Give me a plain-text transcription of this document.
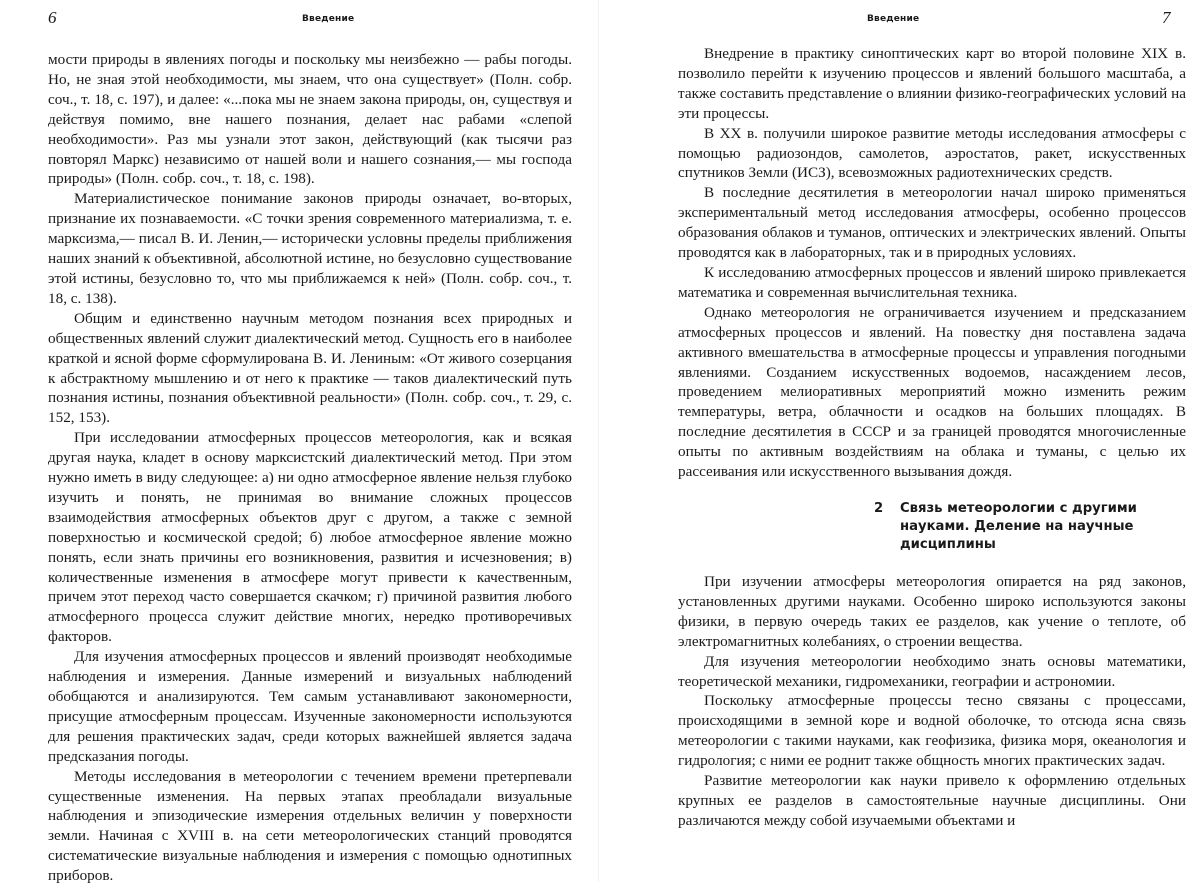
6	Введение

мости природы в явлениях погоды и поскольку мы неизбежно — рабы погоды. Но, не зная этой необходимости, мы знаем, что она существует» (Полн. собр. соч., т. 18, с. 197), и далее: «...пока мы не знаем закона природы, он, существуя и действуя помимо, вне нашего познания, делает нас рабами «слепой необходимости». Раз мы узнали этот закон, действующий (как тысячи раз повторял Маркс) независимо от нашей воли и нашего сознания,— мы господа природы» (Полн. собр. соч., т. 18, с. 198).

Материалистическое понимание законов природы означает, во-вторых, признание их познаваемости. «С точки зрения современного материализма, т. е. марксизма,— писал В. И. Ленин,— исторически условны пределы приближения наших знаний к объективной, абсолютной истине, но безусловно существование этой истины, безусловно то, что мы приближаемся к ней» (Полн. собр. соч., т. 18, с. 138).

Общим и единственно научным методом познания всех природных и общественных явлений служит диалектический метод. Сущность его в наиболее краткой и ясной форме сформулирована В. И. Лениным: «От живого созерцания к абстрактному мышлению и от него к практике — таков диалектический путь познания истины, познания объективной реальности» (Полн. собр. соч., т. 29, с. 152, 153).

При исследовании атмосферных процессов метеорология, как и всякая другая наука, кладет в основу марксистский диалектический метод. При этом нужно иметь в виду следующее: а) ни одно атмосферное явление нельзя глубоко изучить и понять, не принимая во внимание сложных процессов взаимодействия атмосферных объектов друг с другом, а также с земной поверхностью и космической средой; б) любое атмосферное явление можно понять, если знать причины его возникновения, развития и исчезновения; в) количественные изменения в атмосфере могут привести к качественным, причем этот переход часто совершается скачком; г) причиной развития любого атмосферного процесса служит действие многих, нередко противоречивых факторов.

Для изучения атмосферных процессов и явлений производят необходимые наблюдения и измерения. Данные измерений и визуальных наблюдений обобщаются и анализируются. Тем самым устанавливают закономерности, присущие атмосферным процессам. Изученные закономерности используются для решения практических задач, среди которых важнейшей является задача предсказания погоды.

Методы исследования в метеорологии с течением времени претерпевали существенные изменения. На первых этапах преобладали визуальные наблюдения и эпизодические измерения отдельных величин у поверхности земли. Начиная с XVIII в. на сети метеорологических станций проводятся систематические визуальные наблюдения и измерения с помощью однотипных приборов.

Введение	7

Внедрение в практику синоптических карт во второй половине XIX в. позволило перейти к изучению процессов и явлений большого масштаба, а также составить представление о влиянии физико-географических условий на эти процессы.

В XX в. получили широкое развитие методы исследования атмосферы с помощью радиозондов, самолетов, аэростатов, ракет, искусственных спутников Земли (ИСЗ), всевозможных радиотехнических средств.

В последние десятилетия в метеорологии начал широко применяться экспериментальный метод исследования атмосферы, особенно процессов образования облаков и туманов, оптических и электрических явлений. Опыты проводятся как в лабораторных, так и в природных условиях.

К исследованию атмосферных процессов и явлений широко привлекается математика и современная вычислительная техника.

Однако метеорология не ограничивается изучением и предсказанием атмосферных процессов и явлений. На повестку дня поставлена задача активного вмешательства в атмосферные процессы и управления погодными явлениями. Созданием искусственных водоемов, насаждением лесов, проведением мелиоративных мероприятий можно изменить режим температуры, ветра, облачности и осадков на больших площадях. В последние десятилетия в СССР и за границей проводятся многочисленные опыты по активным воздействиям на облака и туманы, с целью их рассеивания или искусственного вызывания дождя.

2 Связь метеорологии с другими науками. Деление на научные дисциплины

При изучении атмосферы метеорология опирается на ряд законов, установленных другими науками. Особенно широко используются законы физики, в первую очередь таких ее разделов, как учение о теплоте, об электромагнитных колебаниях, о строении вещества.

Для изучения метеорологии необходимо знать основы математики, теоретической механики, гидромеханики, географии и астрономии.

Поскольку атмосферные процессы тесно связаны с процессами, происходящими в земной коре и водной оболочке, то отсюда ясна связь метеорологии с такими науками, как геофизика, физика моря, океанология и гидрология; с ними ее роднит также общность многих практических задач.

Развитие метеорологии как науки привело к оформлению отдельных крупных ее разделов в самостоятельные научные дисциплины. Они различаются между собой изучаемыми объектами и
